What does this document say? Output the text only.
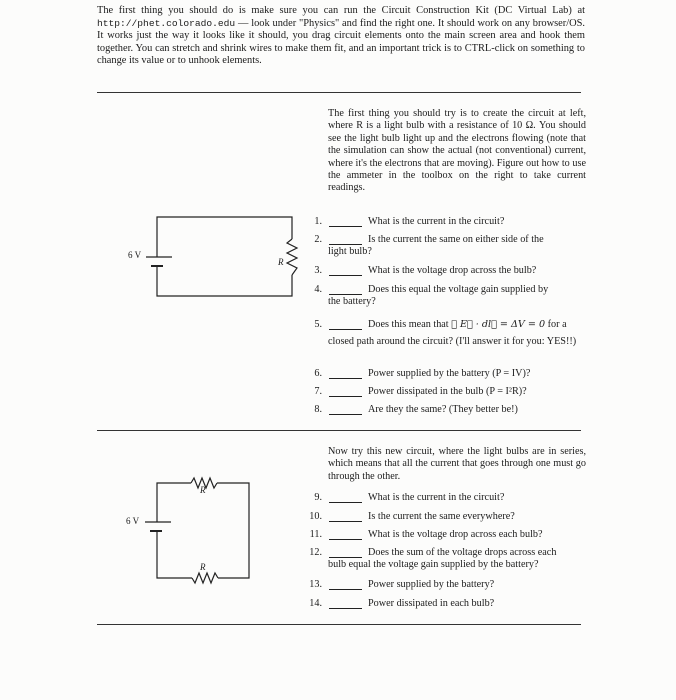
The first thing you should do is make sure you can run the Circuit Construction Kit (DC Virtual Lab) at http://phet.colorado.edu — look under "Physics" and find the right one. It should work on any browser/OS. It works just the way it looks like it should, you drag circuit elements onto the main screen area and hook them together. You can stretch and shrink wires to make them fit, and an important trick is to CTRL-click on something to change its value or to unhook elements.
The first thing you should try is to create the circuit at left, where R is a light bulb with a resistance of 10 Ω. You should see the light bulb light up and the electrons flowing (note that the simulation can show the actual (not conventional) current, where it's the electrons that are moving). Figure out how to use the ammeter in the toolbox on the right to take current readings.
6 V
R
6 V
R
R
1.	What is the current in the circuit?
2.	Is the current the same on either side of the
light bulb?
3.	What is the voltage drop across the bulb?
4.	Does this equal the voltage gain supplied by
the battery?
5.	Does this mean that ∮ E⃗ · dl⃗ = ΔV = 0 for a
closed path around the circuit? (I'll answer it for you: YES!!)
6.	Power supplied by the battery (P = IV)?
7.	Power dissipated in the bulb (P = I²R)?
8.	Are they the same? (They better be!)
Now try this new circuit, where the light bulbs are in series, which means that all the current that goes through one must go through the other.
9.	What is the current in the circuit?
10.	Is the current the same everywhere?
11.	What is the voltage drop across each bulb?
12.	Does the sum of the voltage drops across each
bulb equal the voltage gain supplied by the battery?
13.	Power supplied by the battery?
14.	Power dissipated in each bulb?
